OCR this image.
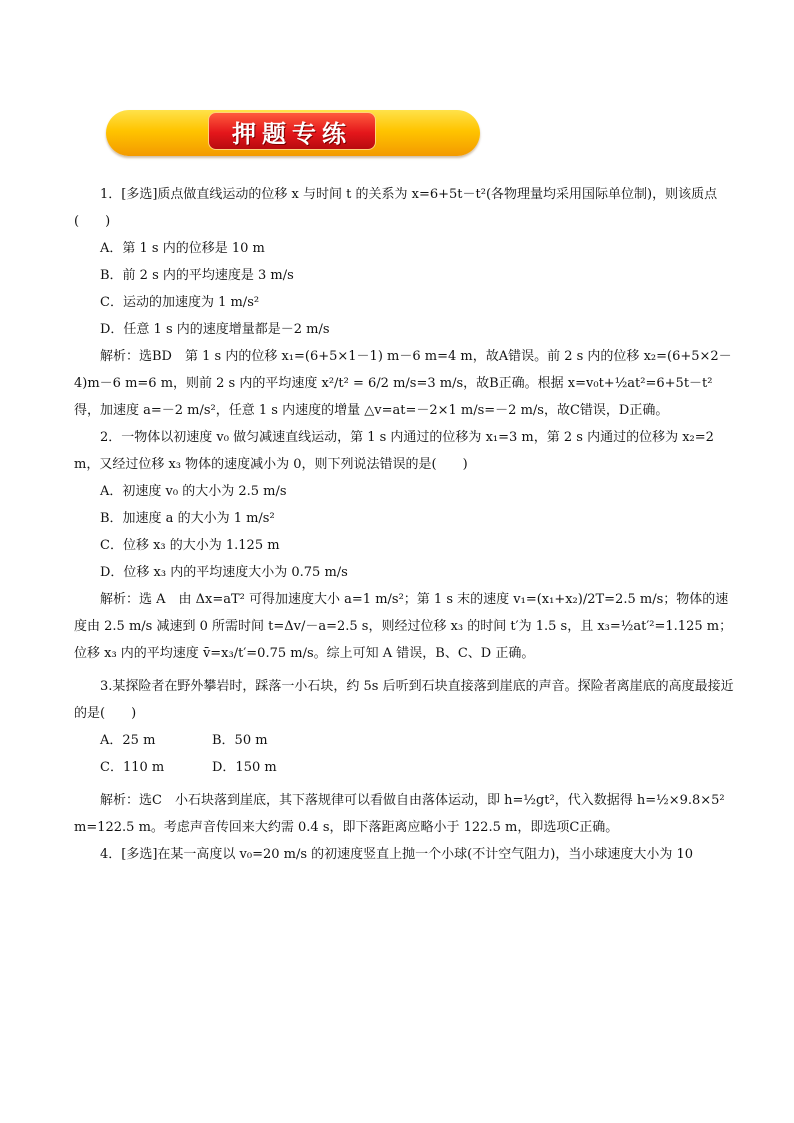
押题专练

1．[多选]质点做直线运动的位移 x 与时间 t 的关系为 x=6+5t－t²(各物理量均采用国际单位制)，则该质点(　　)

A．第 1 s 内的位移是 10 m

B．前 2 s 内的平均速度是 3 m/s

C．运动的加速度为 1 m/s²

D．任意 1 s 内的速度增量都是－2 m/s

解析：选BD　第 1 s 内的位移 x₁=(6+5×1－1) m－6 m=4 m，故A错误。前 2 s 内的位移 x₂=(6+5×2－4)m－6 m=6 m，则前 2 s 内的平均速度 x²/t² = 6/2 m/s=3 m/s，故B正确。根据 x=v₀t+½at²=6+5t－t² 得，加速度 a=－2 m/s²，任意 1 s 内速度的增量 △v=at=－2×1 m/s=－2 m/s，故C错误，D正确。

2．一物体以初速度 v₀ 做匀减速直线运动，第 1 s 内通过的位移为 x₁=3 m，第 2 s 内通过的位移为 x₂=2 m，又经过位移 x₃ 物体的速度减小为 0，则下列说法错误的是(　　)

A．初速度 v₀ 的大小为 2.5 m/s

B．加速度 a 的大小为 1 m/s²

C．位移 x₃ 的大小为 1.125 m

D．位移 x₃ 内的平均速度大小为 0.75 m/s

解析：选 A　由 Δx=aT² 可得加速度大小 a=1 m/s²；第 1 s 末的速度 v₁=(x₁+x₂)/2T=2.5 m/s；物体的速度由 2.5 m/s 减速到 0 所需时间 t=Δv/－a=2.5 s，则经过位移 x₃ 的时间 t′为 1.5 s，且 x₃=½at′²=1.125 m；位移 x₃ 内的平均速度 v̄=x₃/t′=0.75 m/s。综上可知 A 错误，B、C、D 正确。

3.某探险者在野外攀岩时，踩落一小石块，约 5s 后听到石块直接落到崖底的声音。探险者离崖底的高度最接近的是(　　)

A．25 m	B．50 m
C．110 m	D．150 m

解析：选C　小石块落到崖底，其下落规律可以看做自由落体运动，即 h=½gt²，代入数据得 h=½×9.8×5² m=122.5 m。考虑声音传回来大约需 0.4 s，即下落距离应略小于 122.5 m，即选项C正确。

4．[多选]在某一高度以 v₀=20 m/s 的初速度竖直上抛一个小球(不计空气阻力)，当小球速度大小为 10
